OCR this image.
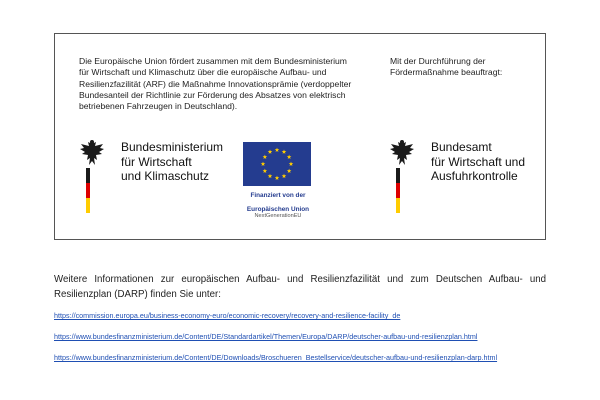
Die Europäische Union fördert zusammen mit dem Bundesministerium
für Wirtschaft und Klimaschutz über die europäische Aufbau- und
Resilienzfazilität (ARF) die Maßnahme Innovationsprämie (verdoppelter
Bundesanteil der Richtlinie zur Förderung des Absatzes von elektrisch
betriebenen Fahrzeugen in Deutschland).
Mit der Durchführung der
Fördermaßnahme beauftragt:
Bundesministerium
für Wirtschaft
und Klimaschutz
Finanziert von der
Europäischen Union
NextGenerationEU
Bundesamt
für Wirtschaft und
Ausfuhrkontrolle
Weitere Informationen zur europäischen Aufbau- und Resilienzfazilität und zum Deutschen Aufbau- und
Resilienzplan (DARP) finden Sie unter:
https://commission.europa.eu/business-economy-euro/economic-recovery/recovery-and-resilience-facility_de
https://www.bundesfinanzministerium.de/Content/DE/Standardartikel/Themen/Europa/DARP/deutscher-aufbau-und-resilienzplan.html
https://www.bundesfinanzministerium.de/Content/DE/Downloads/Broschueren_Bestellservice/deutscher-aufbau-und-resilienzplan-darp.html
